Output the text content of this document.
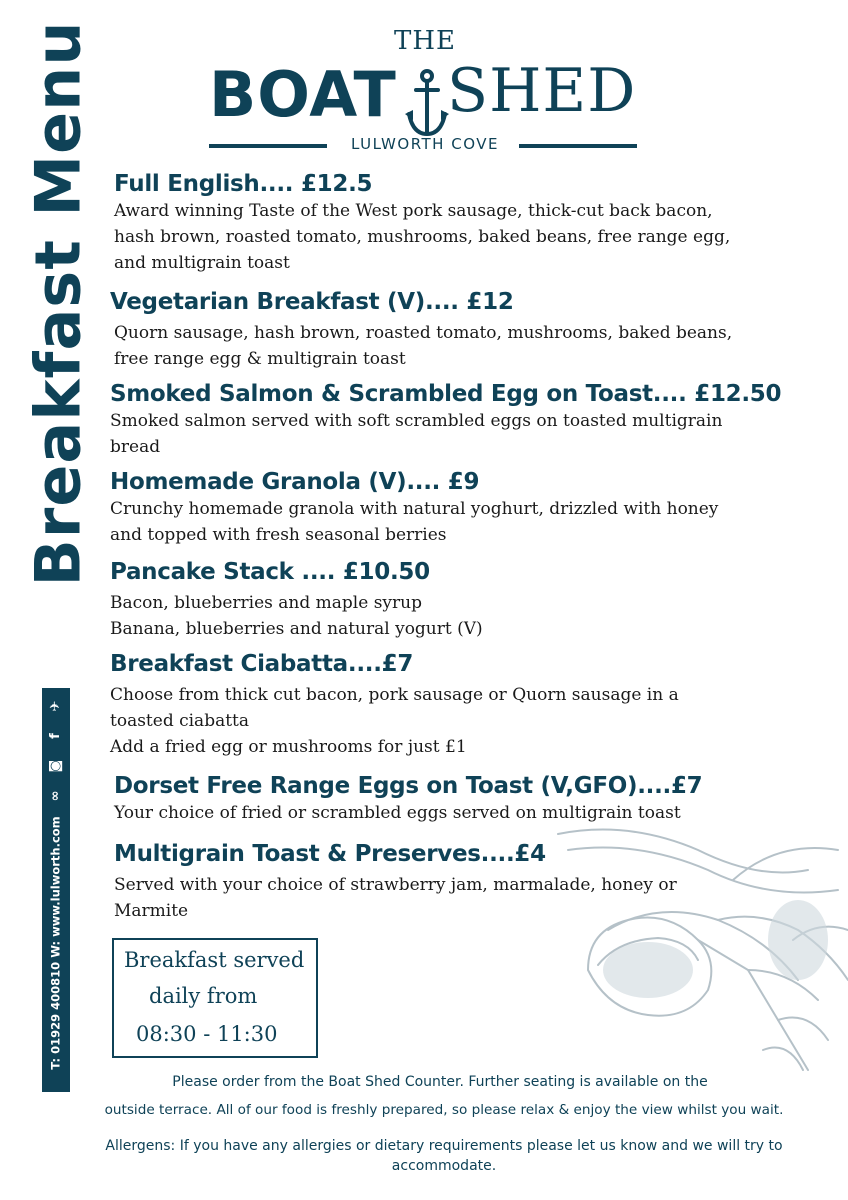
Breakfast Menu
✈
f
◙
∞
T: 01929 400810 W: www.lulworth.com
THE
BOAT SHED
LULWORTH COVE
Full English.... £12.5

Award winning Taste of the West pork sausage, thick-cut back bacon,

hash brown, roasted tomato, mushrooms, baked beans, free range egg,

and multigrain toast

Vegetarian Breakfast (V).... £12

Quorn sausage, hash brown, roasted tomato, mushrooms, baked beans,

free range egg & multigrain toast

Smoked Salmon & Scrambled Egg on Toast.... £12.50

Smoked salmon served with soft scrambled eggs on toasted multigrain

bread

Homemade Granola (V).... £9

Crunchy homemade granola with natural yoghurt, drizzled with honey

and topped with fresh seasonal berries

Pancake Stack .... £10.50

Bacon, blueberries and maple syrup

Banana, blueberries and natural yogurt (V)

Breakfast Ciabatta....£7

Choose from thick cut bacon, pork sausage or Quorn sausage in a

toasted ciabatta

Add a fried egg or mushrooms for just £1

Dorset Free Range Eggs on Toast (V,GFO)....£7

Your choice of fried or scrambled eggs served on multigrain toast

Multigrain Toast & Preserves....£4

Served with your choice of strawberry jam, marmalade, honey or

Marmite

Breakfast served
daily from
08:30 - 11:30
Please order from the Boat Shed Counter. Further seating is available on the
outside terrace. All of our food is freshly prepared, so please relax & enjoy the view whilst you wait.
Allergens: If you have any allergies or dietary requirements please let us know and we will try to
accommodate.
